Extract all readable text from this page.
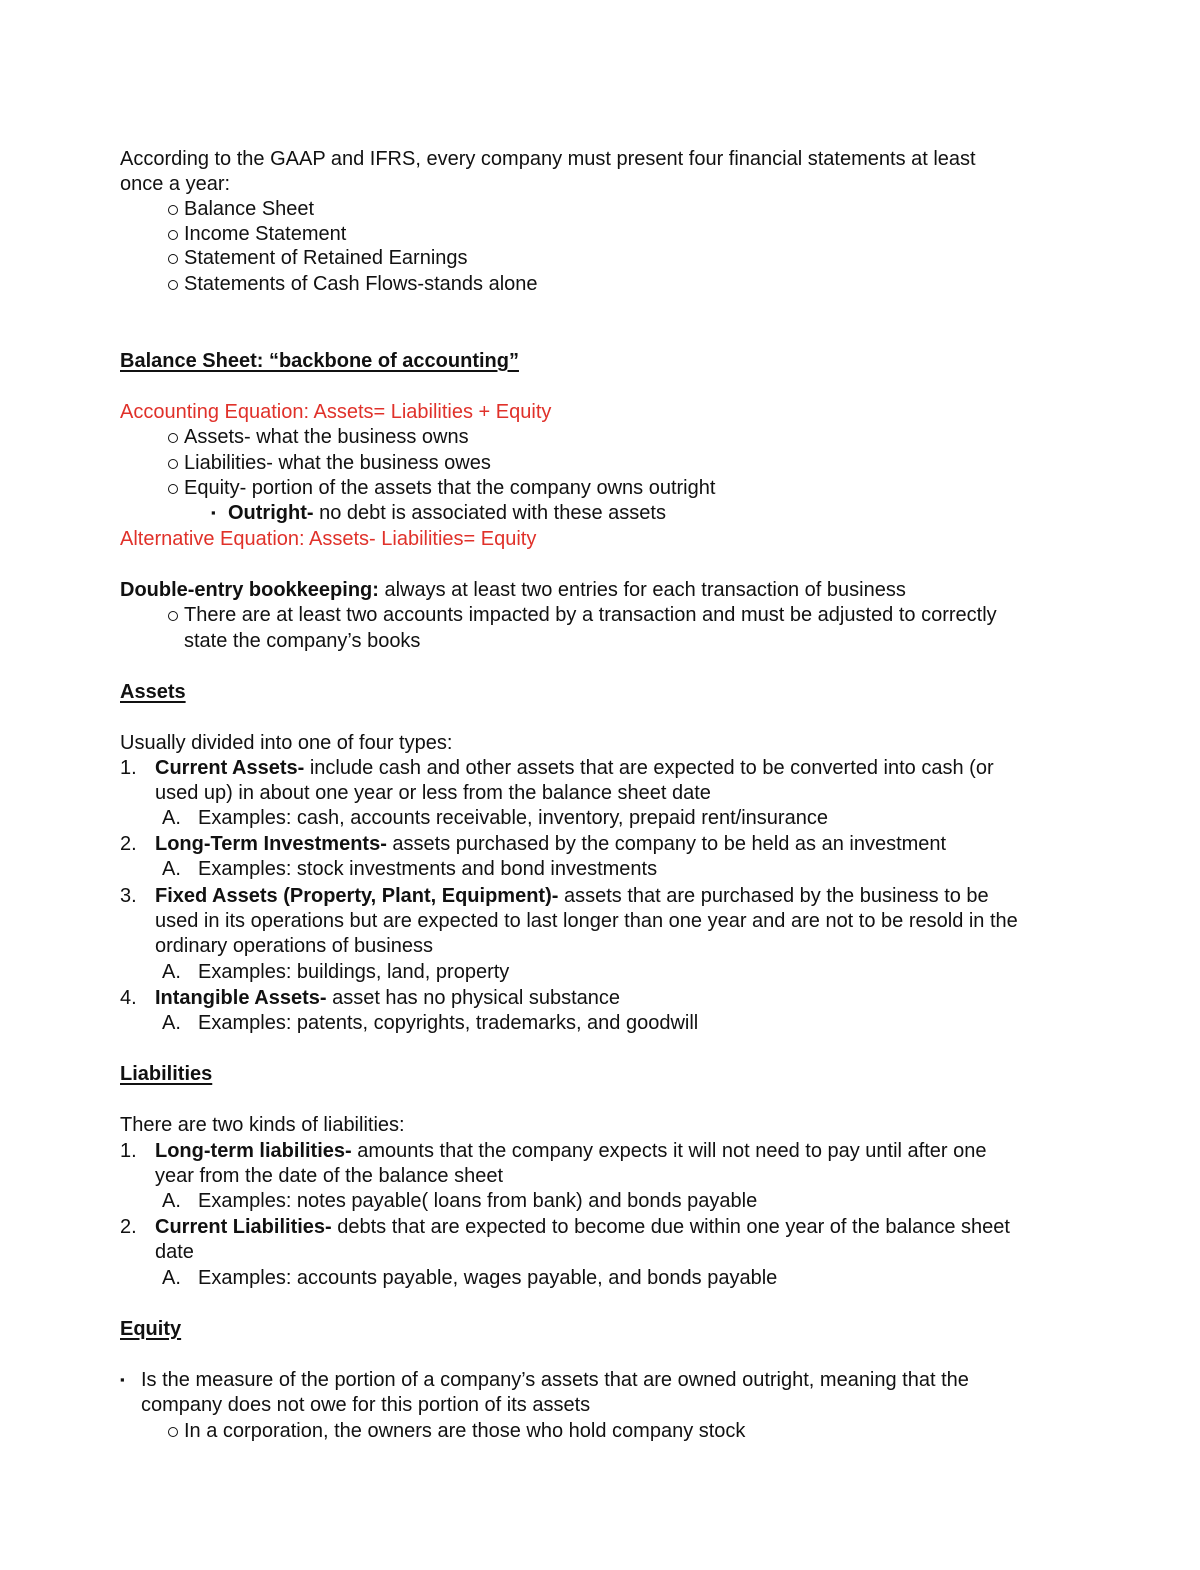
According to the GAAP and IFRS, every company must present four financial statements at least
once a year:
Balance Sheet
Income Statement
Statement of Retained Earnings
Statements of Cash Flows-stands alone
Balance Sheet: “backbone of accounting”
Accounting Equation: Assets= Liabilities + Equity
Assets- what the business owns
Liabilities- what the business owes
Equity- portion of the assets that the company owns outright
▪ Outright- no debt is associated with these assets
Alternative Equation: Assets- Liabilities= Equity
Double-entry bookkeeping: always at least two entries for each transaction of business
There are at least two accounts impacted by a transaction and must be adjusted to correctly
state the company’s books
Assets
Usually divided into one of four types:
1. Current Assets- include cash and other assets that are expected to be converted into cash (or
used up) in about one year or less from the balance sheet date
A. Examples: cash, accounts receivable, inventory, prepaid rent/insurance
2. Long-Term Investments- assets purchased by the company to be held as an investment
A. Examples: stock investments and bond investments
3. Fixed Assets (Property, Plant, Equipment)- assets that are purchased by the business to be
used in its operations but are expected to last longer than one year and are not to be resold in the
ordinary operations of business
A. Examples: buildings, land, property
4. Intangible Assets- asset has no physical substance
A. Examples: patents, copyrights, trademarks, and goodwill
Liabilities
There are two kinds of liabilities:
1. Long-term liabilities- amounts that the company expects it will not need to pay until after one
year from the date of the balance sheet
A. Examples: notes payable( loans from bank) and bonds payable
2. Current Liabilities- debts that are expected to become due within one year of the balance sheet
date
A. Examples: accounts payable, wages payable, and bonds payable
Equity
▪ Is the measure of the portion of a company’s assets that are owned outright, meaning that the
company does not owe for this portion of its assets
In a corporation, the owners are those who hold company stock
